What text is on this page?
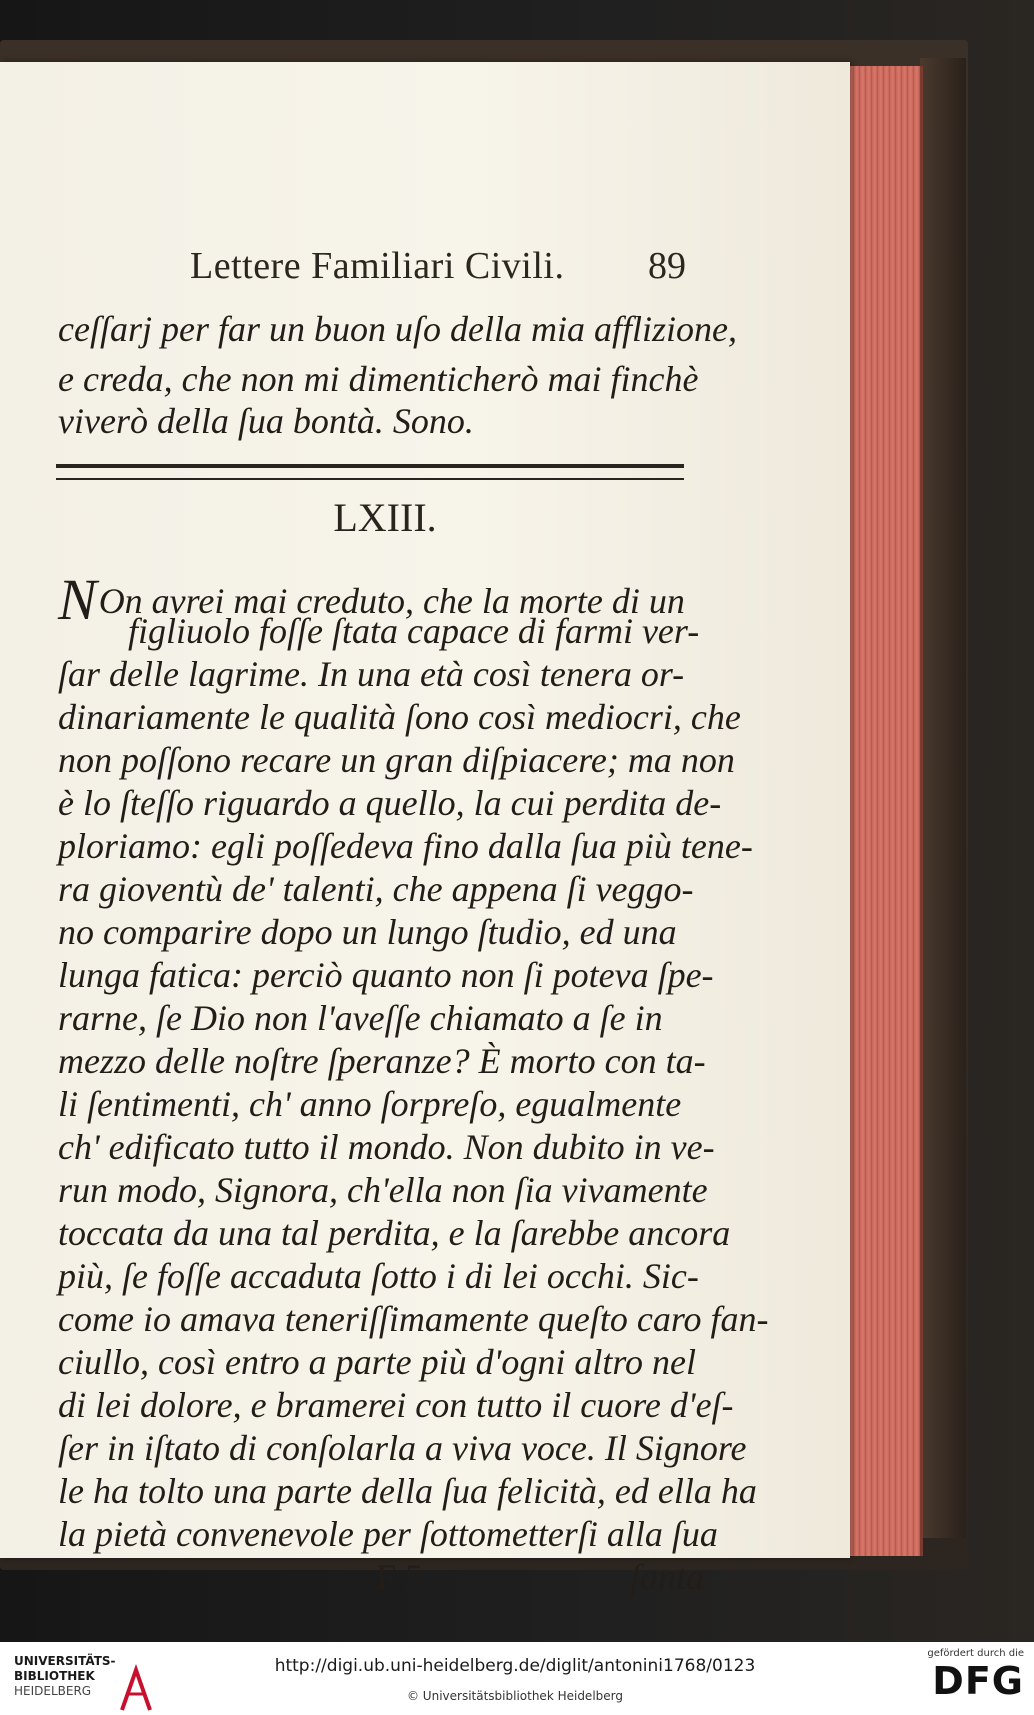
Lettere Familiari Civili. 89
ceſſarj per far un buon uſo della mia afflizione,
e creda, che non mi dimenticherò mai finchè
viverò della ſua bontà. Sono.
LXIII.
NOn avrei mai creduto, che la morte di un
figliuolo foſſe ſtata capace di farmi ver-
ſar delle lagrime. In una età così tenera or-
dinariamente le qualità ſono così mediocri, che
non poſſono recare un gran diſpiacere; ma non
è lo ſteſſo riguardo a quello, la cui perdita de-
ploriamo: egli poſſedeva fino dalla ſua più tene-
ra gioventù de' talenti, che appena ſi veggo-
no comparire dopo un lungo ſtudio, ed una
lunga fatica: perciò quanto non ſi poteva ſpe-
rarne, ſe Dio non l'aveſſe chiamato a ſe in
mezzo delle noſtre ſperanze? È morto con ta-
li ſentimenti, ch' anno ſorpreſo, egualmente
ch' edificato tutto il mondo. Non dubito in ve-
run modo, Signora, ch'ella non ſia vivamente
toccata da una tal perdita, e la ſarebbe ancora
più, ſe foſſe accaduta ſotto i di lei occhi. Sic-
come io amava teneriſſimamente queſto caro fan-
ciullo, così entro a parte più d'ogni altro nel
di lei dolore, e bramerei con tutto il cuore d'eſ-
ſer in iſtato di conſolarla a viva voce. Il Signore
le ha tolto una parte della ſua felicità, ed ella ha
la pietà convenevole per ſottometterſi alla ſua
F 5	ſanta
UNIVERSITÄTS-
BIBLIOTHEK
HEIDELBERG
http://digi.ub.uni-heidelberg.de/diglit/antonini1768/0123
© Universitätsbibliothek Heidelberg
gefördert durch die
DFG
